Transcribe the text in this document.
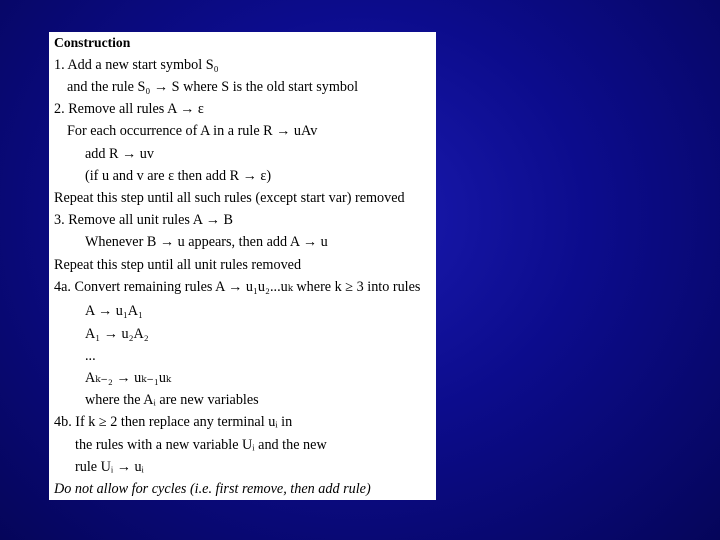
Construction
1. Add a new start symbol S₀
and the rule S₀ → S where S is the old start symbol
2. Remove all rules A → ε
For each occurrence of A in a rule R → uAv
add R → uv
(if u and v are ε then add R → ε)
Repeat this step until all such rules (except start var) removed
3. Remove all unit rules A → B
Whenever B → u appears, then add A → u
Repeat this step until all unit rules removed
4a. Convert remaining rules A → u₁u₂...uₖ where k ≥ 3 into rules
A → u₁A₁
A₁ → u₂A₂
...
Aₖ₋₂ → uₖ₋₁uₖ
where the Aᵢ are new variables
4b. If k ≥ 2 then replace any terminal uᵢ in
the rules with a new variable Uᵢ and the new
rule Uᵢ → uᵢ
Do not allow for cycles (i.e. first remove, then add rule)
